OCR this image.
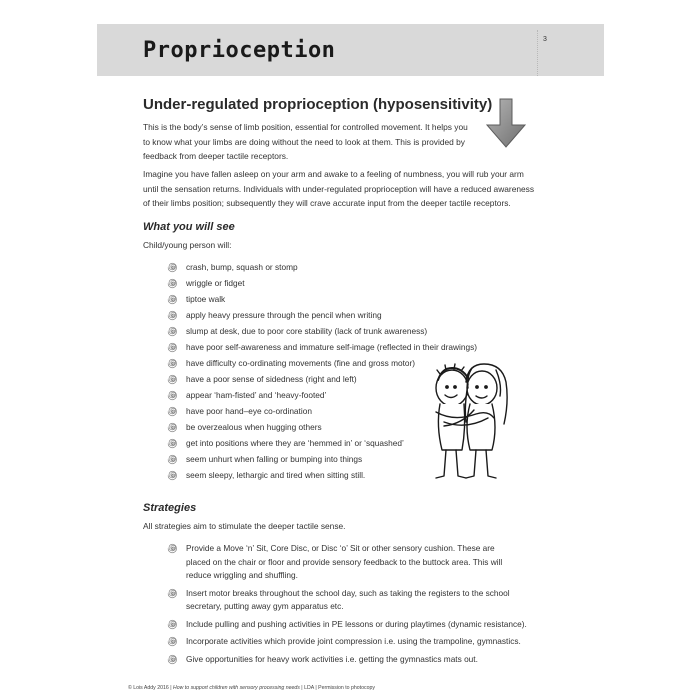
Proprioception	3
Under-regulated proprioception (hyposensitivity)

This is the body’s sense of limb position, essential for controlled movement. It helps you
to know what your limbs are doing without the need to look at them. This is provided by
feedback from deeper tactile receptors.

Imagine you have fallen asleep on your arm and awake to a feeling of numbness, you will rub your arm
until the sensation returns. Individuals with under-regulated proprioception will have a reduced awareness
of their limbs position; subsequently they will crave accurate input from the deeper tactile receptors.

What you will see

Child/young person will:

crash, bump, squash or stomp
wriggle or fidget
tiptoe walk
apply heavy pressure through the pencil when writing
slump at desk, due to poor core stability (lack of trunk awareness)
have poor self-awareness and immature self-image (reflected in their drawings)
have difficulty co-ordinating movements (fine and gross motor)
have a poor sense of sidedness (right and left)
appear ‘ham-fisted’ and ‘heavy-footed’
have poor hand–eye co-ordination
be overzealous when hugging others
get into positions where they are ‘hemmed in’ or ‘squashed’
seem unhurt when falling or bumping into things
seem sleepy, lethargic and tired when sitting still.
Strategies

All strategies aim to stimulate the deeper tactile sense.

Provide a Move ‘n’ Sit, Core Disc, or Disc ‘o’ Sit or other sensory cushion. These are
placed on the chair or floor and provide sensory feedback to the buttock area. This will
reduce wriggling and shuffling.
Insert motor breaks throughout the school day, such as taking the registers to the school
secretary, putting away gym apparatus etc.
Include pulling and pushing activities in PE lessons or during playtimes (dynamic resistance).
Incorporate activities which provide joint compression i.e. using the trampoline, gymnastics.
Give opportunities for heavy work activities i.e. getting the gymnastics mats out.
© Lois Addy 2016 | How to support children with sensory processing needs | LDA | Permission to photocopy
